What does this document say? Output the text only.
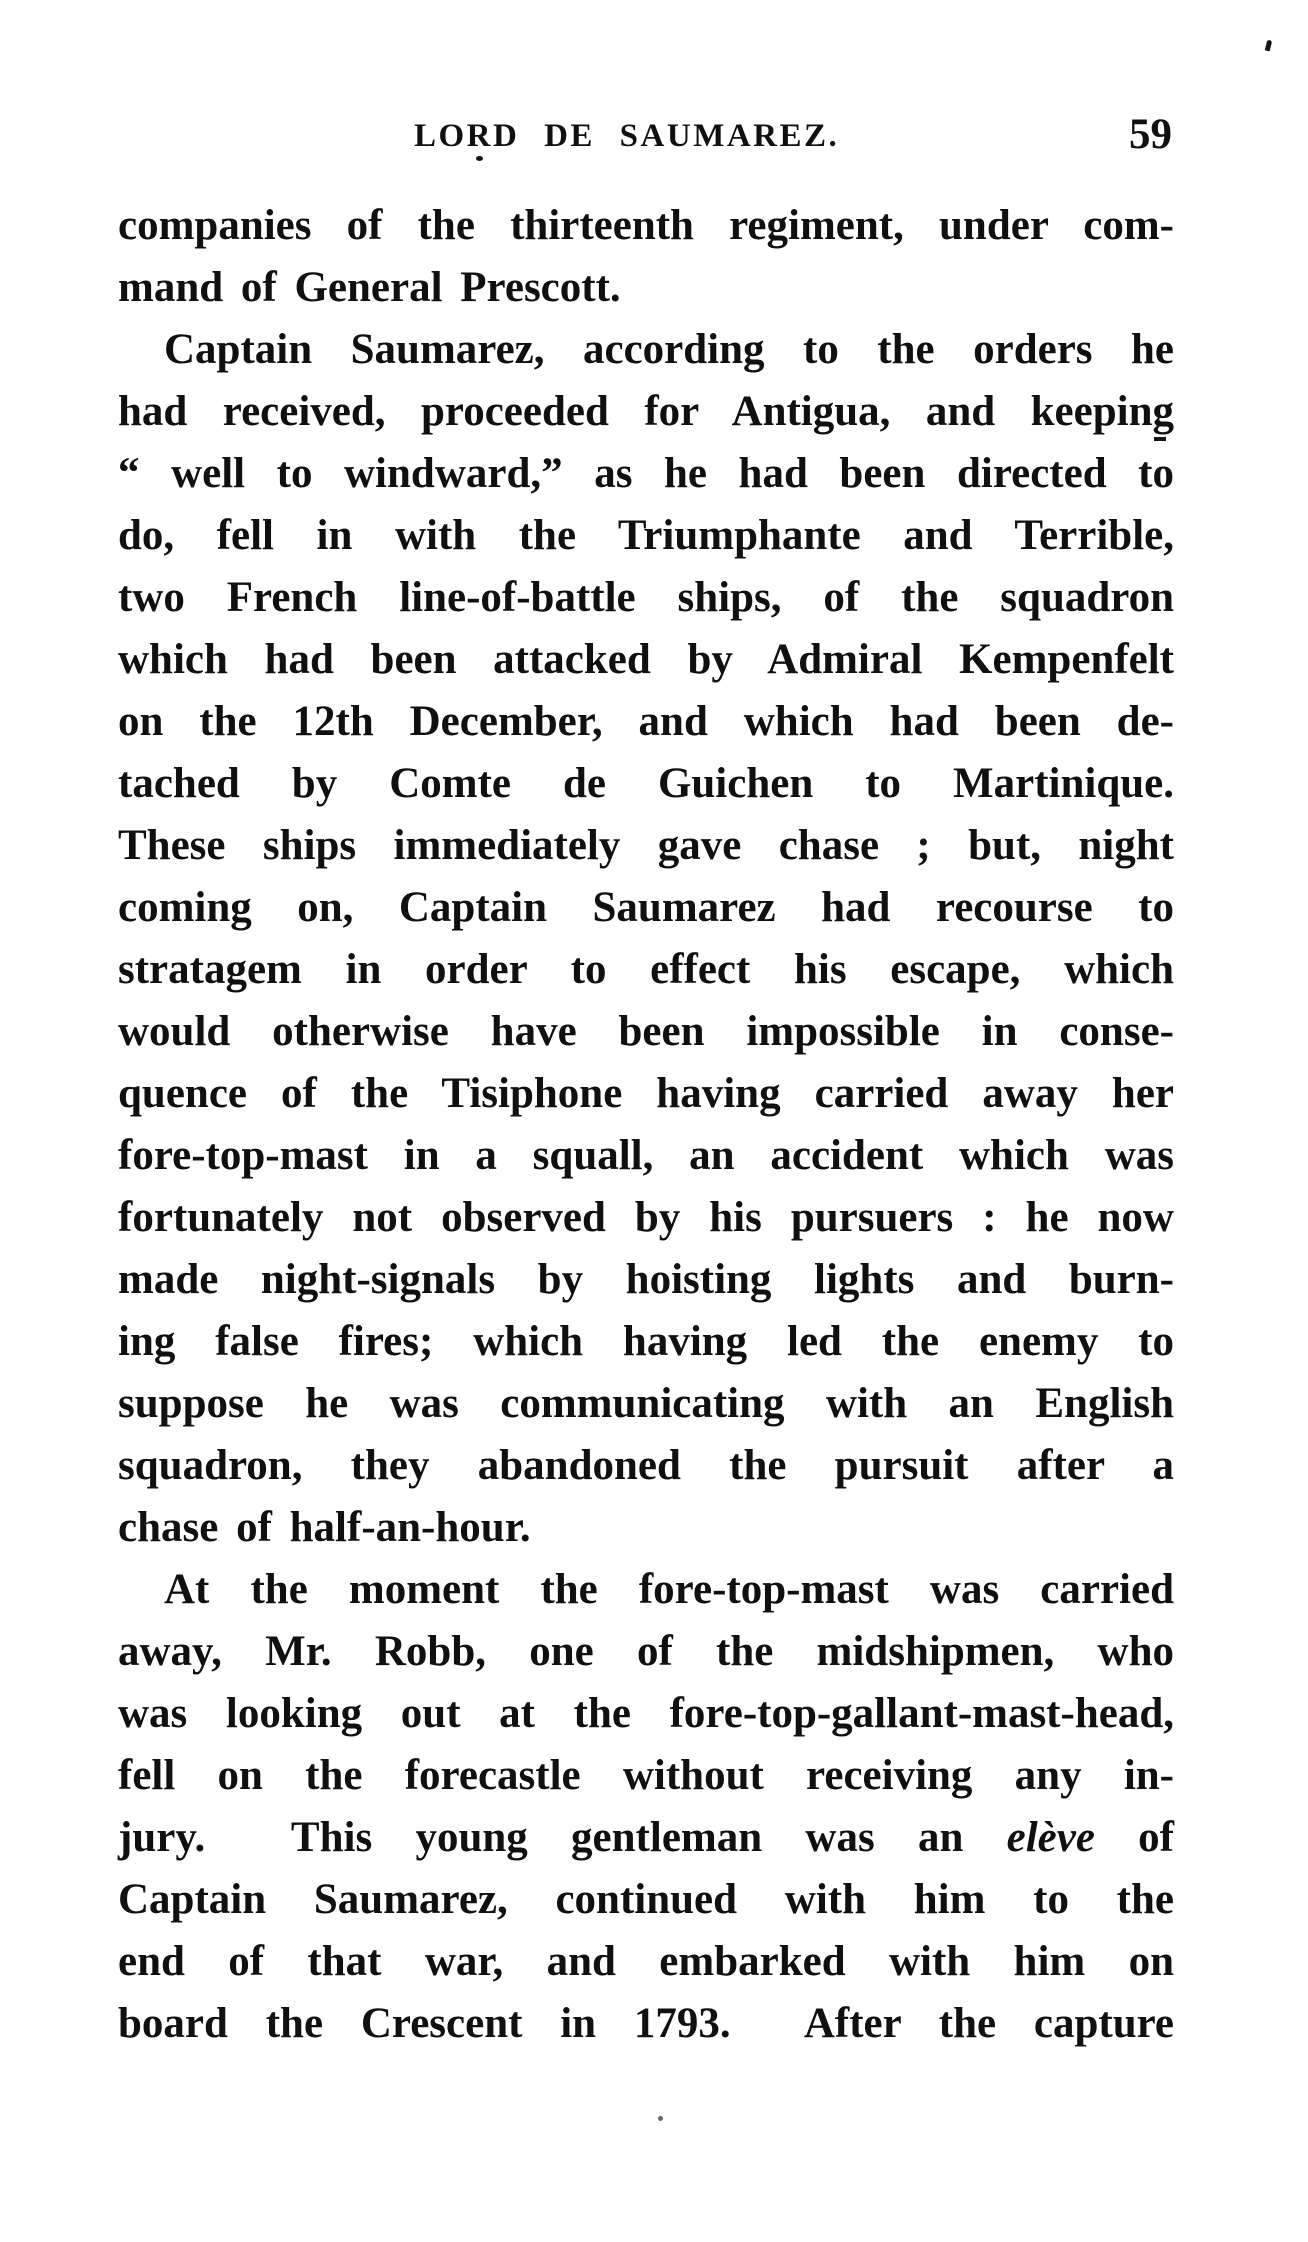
LORD DE SAUMAREZ.	59
companies of the thirteenth regiment, under com-
mand of General Prescott.
Captain Saumarez, according to the orders he
had received, proceeded for Antigua, and keeping
“ well to windward,” as he had been directed to
do, fell in with the Triumphante and Terrible,
two French line-of-battle ships, of the squadron
which had been attacked by Admiral Kempenfelt
on the 12th December, and which had been de-
tached by Comte de Guichen to Martinique.
These ships immediately gave chase ; but, night
coming on, Captain Saumarez had recourse to
stratagem in order to effect his escape, which
would otherwise have been impossible in conse-
quence of the Tisiphone having carried away her
fore-top-mast in a squall, an accident which was
fortunately not observed by his pursuers : he now
made night-signals by hoisting lights and burn-
ing false fires; which having led the enemy to
suppose he was communicating with an English
squadron, they abandoned the pursuit after a
chase of half-an-hour.
At the moment the fore-top-mast was carried
away, Mr. Robb, one of the midshipmen, who
was looking out at the fore-top-gallant-mast-head,
fell on the forecastle without receiving any in-
jury.  This young gentleman was an elève of
Captain Saumarez, continued with him to the
end of that war, and embarked with him on
board the Crescent in 1793.  After the capture
